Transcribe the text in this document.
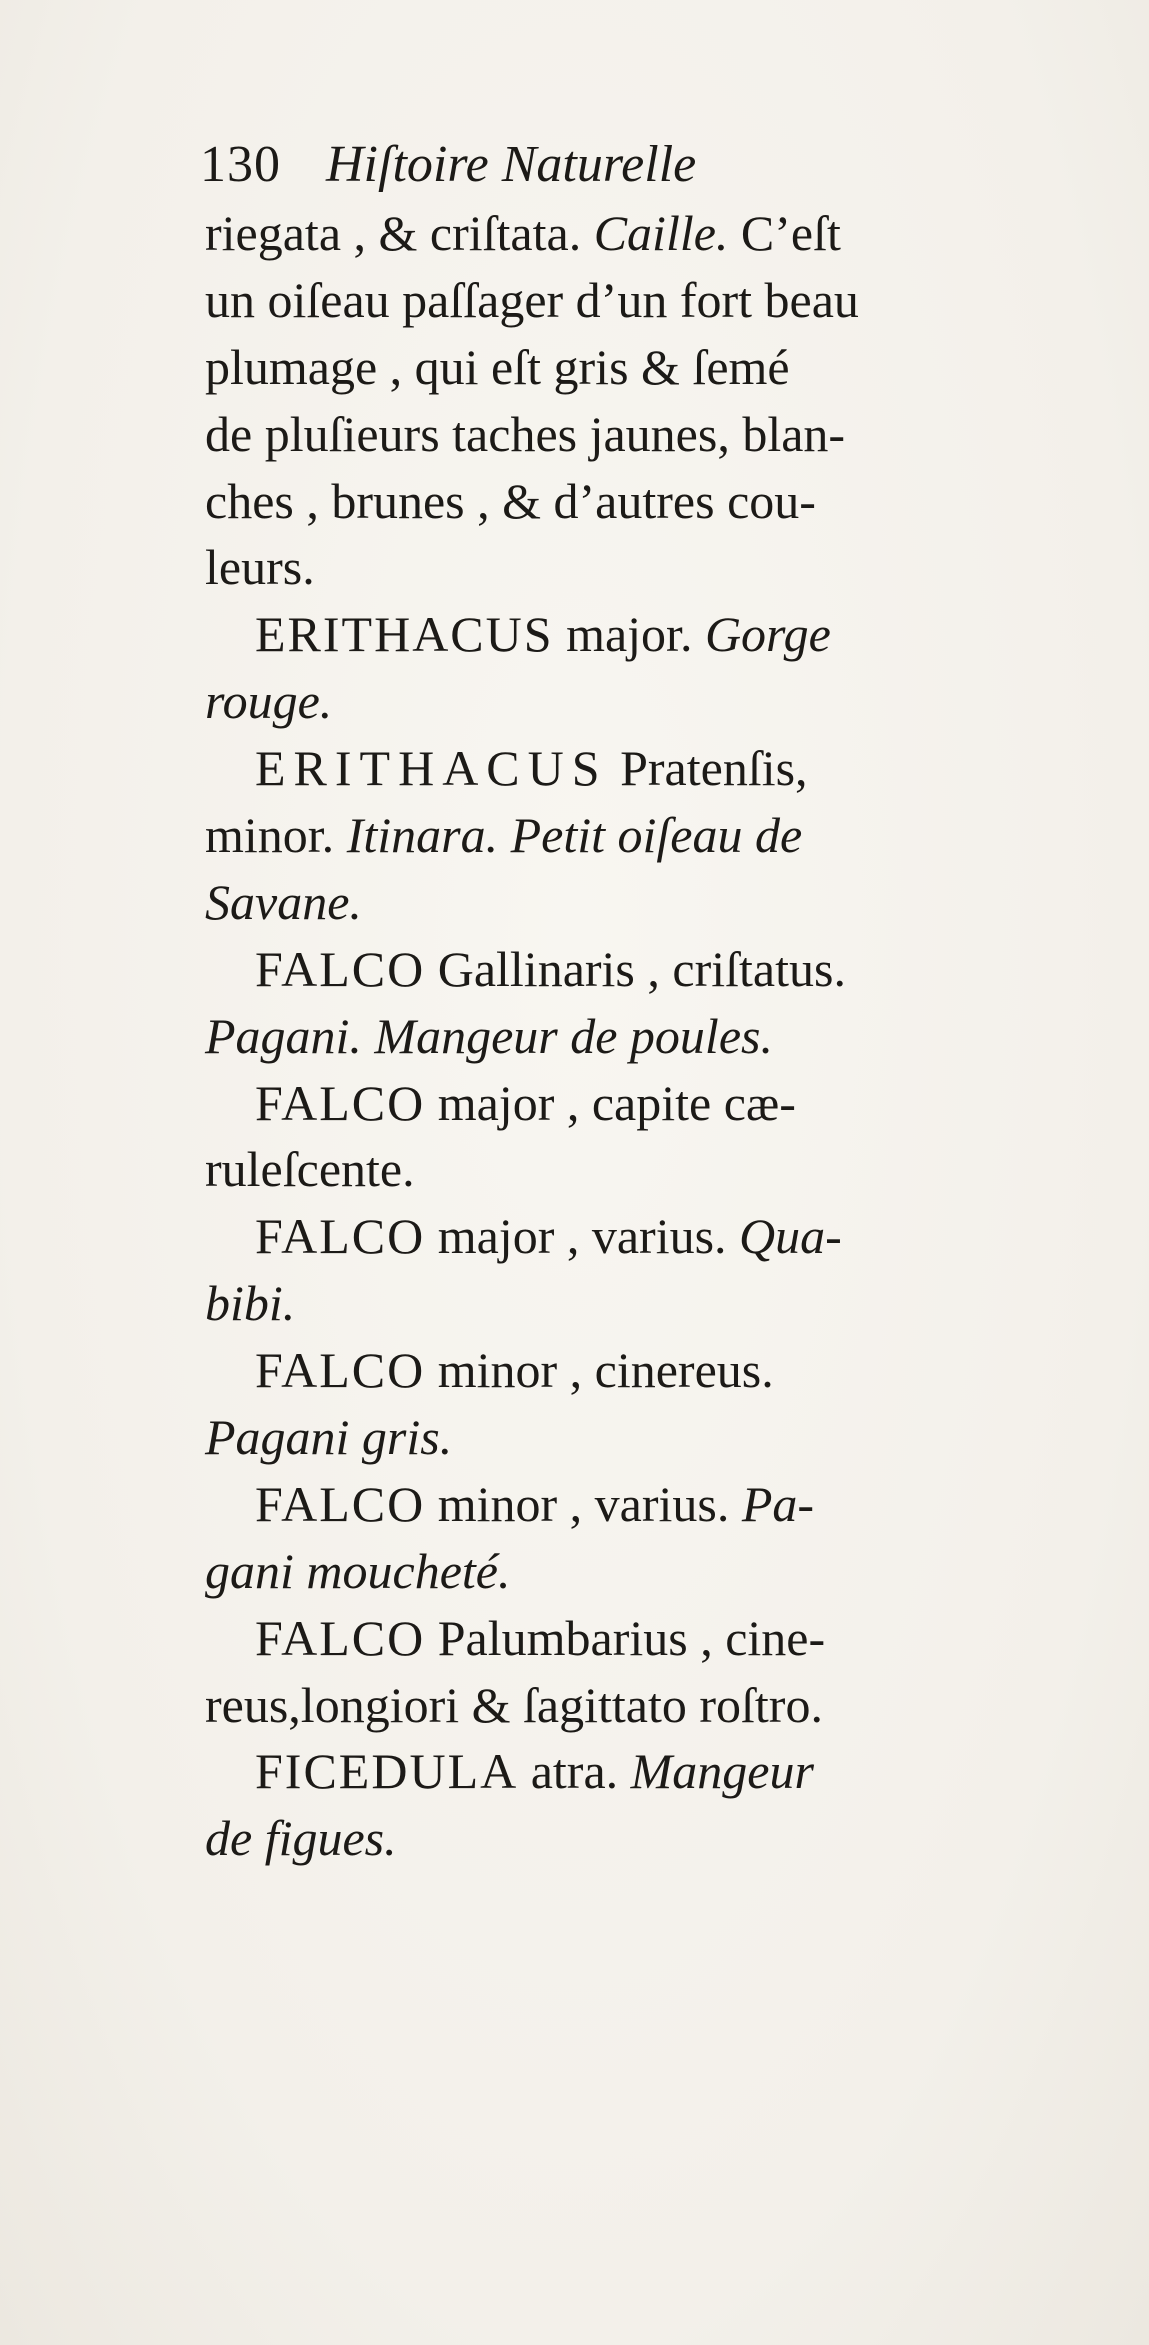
130 Hiſtoire Naturelle
riegata , & criſtata. Caille. C’eſt
un oiſeau paſſager d’un fort beau
plumage , qui eſt gris & ſemé
de pluſieurs taches jaunes, blan-
ches , brunes , & d’autres cou-
leurs.
ERITHACUS major. Gorge
rouge.
ERITHACUS Pratenſis,
minor. Itinara. Petit oiſeau de
Savane.
FALCO Gallinaris , criſtatus.
Pagani. Mangeur de poules.
FALCO major , capite cæ-
ruleſcente.
FALCO major , varius. Qua-
bibi.
FALCO minor , cinereus.
Pagani gris.
FALCO minor , varius. Pa-
gani moucheté.
FALCO Palumbarius , cine-
reus,longiori & ſagittato roſtro.
FICEDULA atra. Mangeur
de figues.
